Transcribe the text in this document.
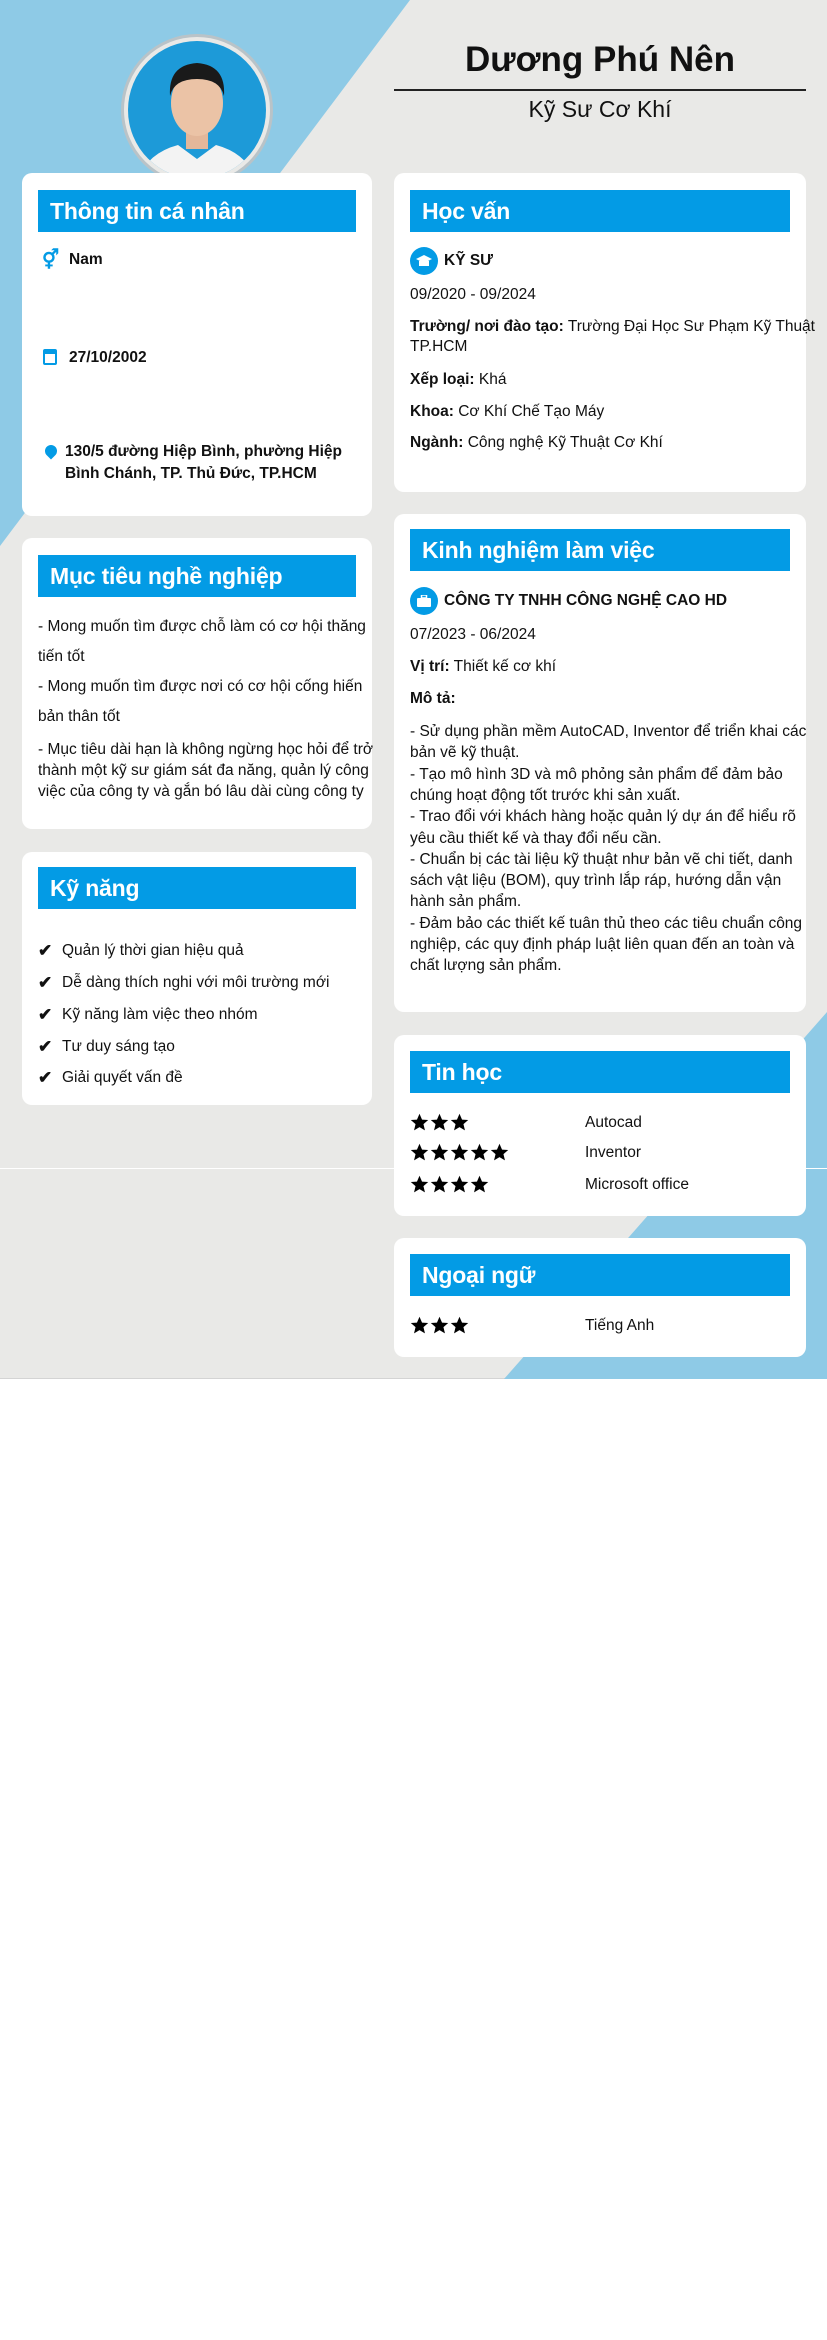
Dương Phú Nên
Kỹ Sư Cơ Khí
Thông tin cá nhân
⚥ Nam
27/10/2002
130/5 đường Hiệp Bình, phường Hiệp
Bình Chánh, TP. Thủ Đức, TP.HCM
Mục tiêu nghề nghiệp
- Mong muốn tìm được chỗ làm có cơ hội thăng
tiến tốt
- Mong muốn tìm được nơi có cơ hội cống hiến
bản thân tốt
- Mục tiêu dài hạn là không ngừng học hỏi để trở
thành một kỹ sư giám sát đa năng, quản lý công
việc của công ty và gắn bó lâu dài cùng công ty
Kỹ năng
✔ Quản lý thời gian hiệu quả
✔ Dễ dàng thích nghi với môi trường mới
✔ Kỹ năng làm việc theo nhóm
✔ Tư duy sáng tạo
✔ Giải quyết vấn đề
Học vấn
KỸ SƯ
09/2020 - 09/2024
Trường/ nơi đào tạo: Trường Đại Học Sư Phạm Kỹ Thuật
TP.HCM
Xếp loại: Khá
Khoa: Cơ Khí Chế Tạo Máy
Ngành: Công nghệ Kỹ Thuật Cơ Khí
Kinh nghiệm làm việc
CÔNG TY TNHH CÔNG NGHỆ CAO HD
07/2023 - 06/2024
Vị trí: Thiết kế cơ khí
Mô tả:
- Sử dụng phần mềm AutoCAD, Inventor để triển khai các
bản vẽ kỹ thuật.
- Tạo mô hình 3D và mô phỏng sản phẩm để đảm bảo
chúng hoạt động tốt trước khi sản xuất.
- Trao đổi với khách hàng hoặc quản lý dự án để hiểu rõ
yêu cầu thiết kế và thay đổi nếu cần.
- Chuẩn bị các tài liệu kỹ thuật như bản vẽ chi tiết, danh
sách vật liệu (BOM), quy trình lắp ráp, hướng dẫn vận
hành sản phẩm.
- Đảm bảo các thiết kế tuân thủ theo các tiêu chuẩn công
nghiệp, các quy định pháp luật liên quan đến an toàn và
chất lượng sản phẩm.
Tin học
Autocad
Inventor
Microsoft office
Ngoại ngữ
Tiếng Anh
